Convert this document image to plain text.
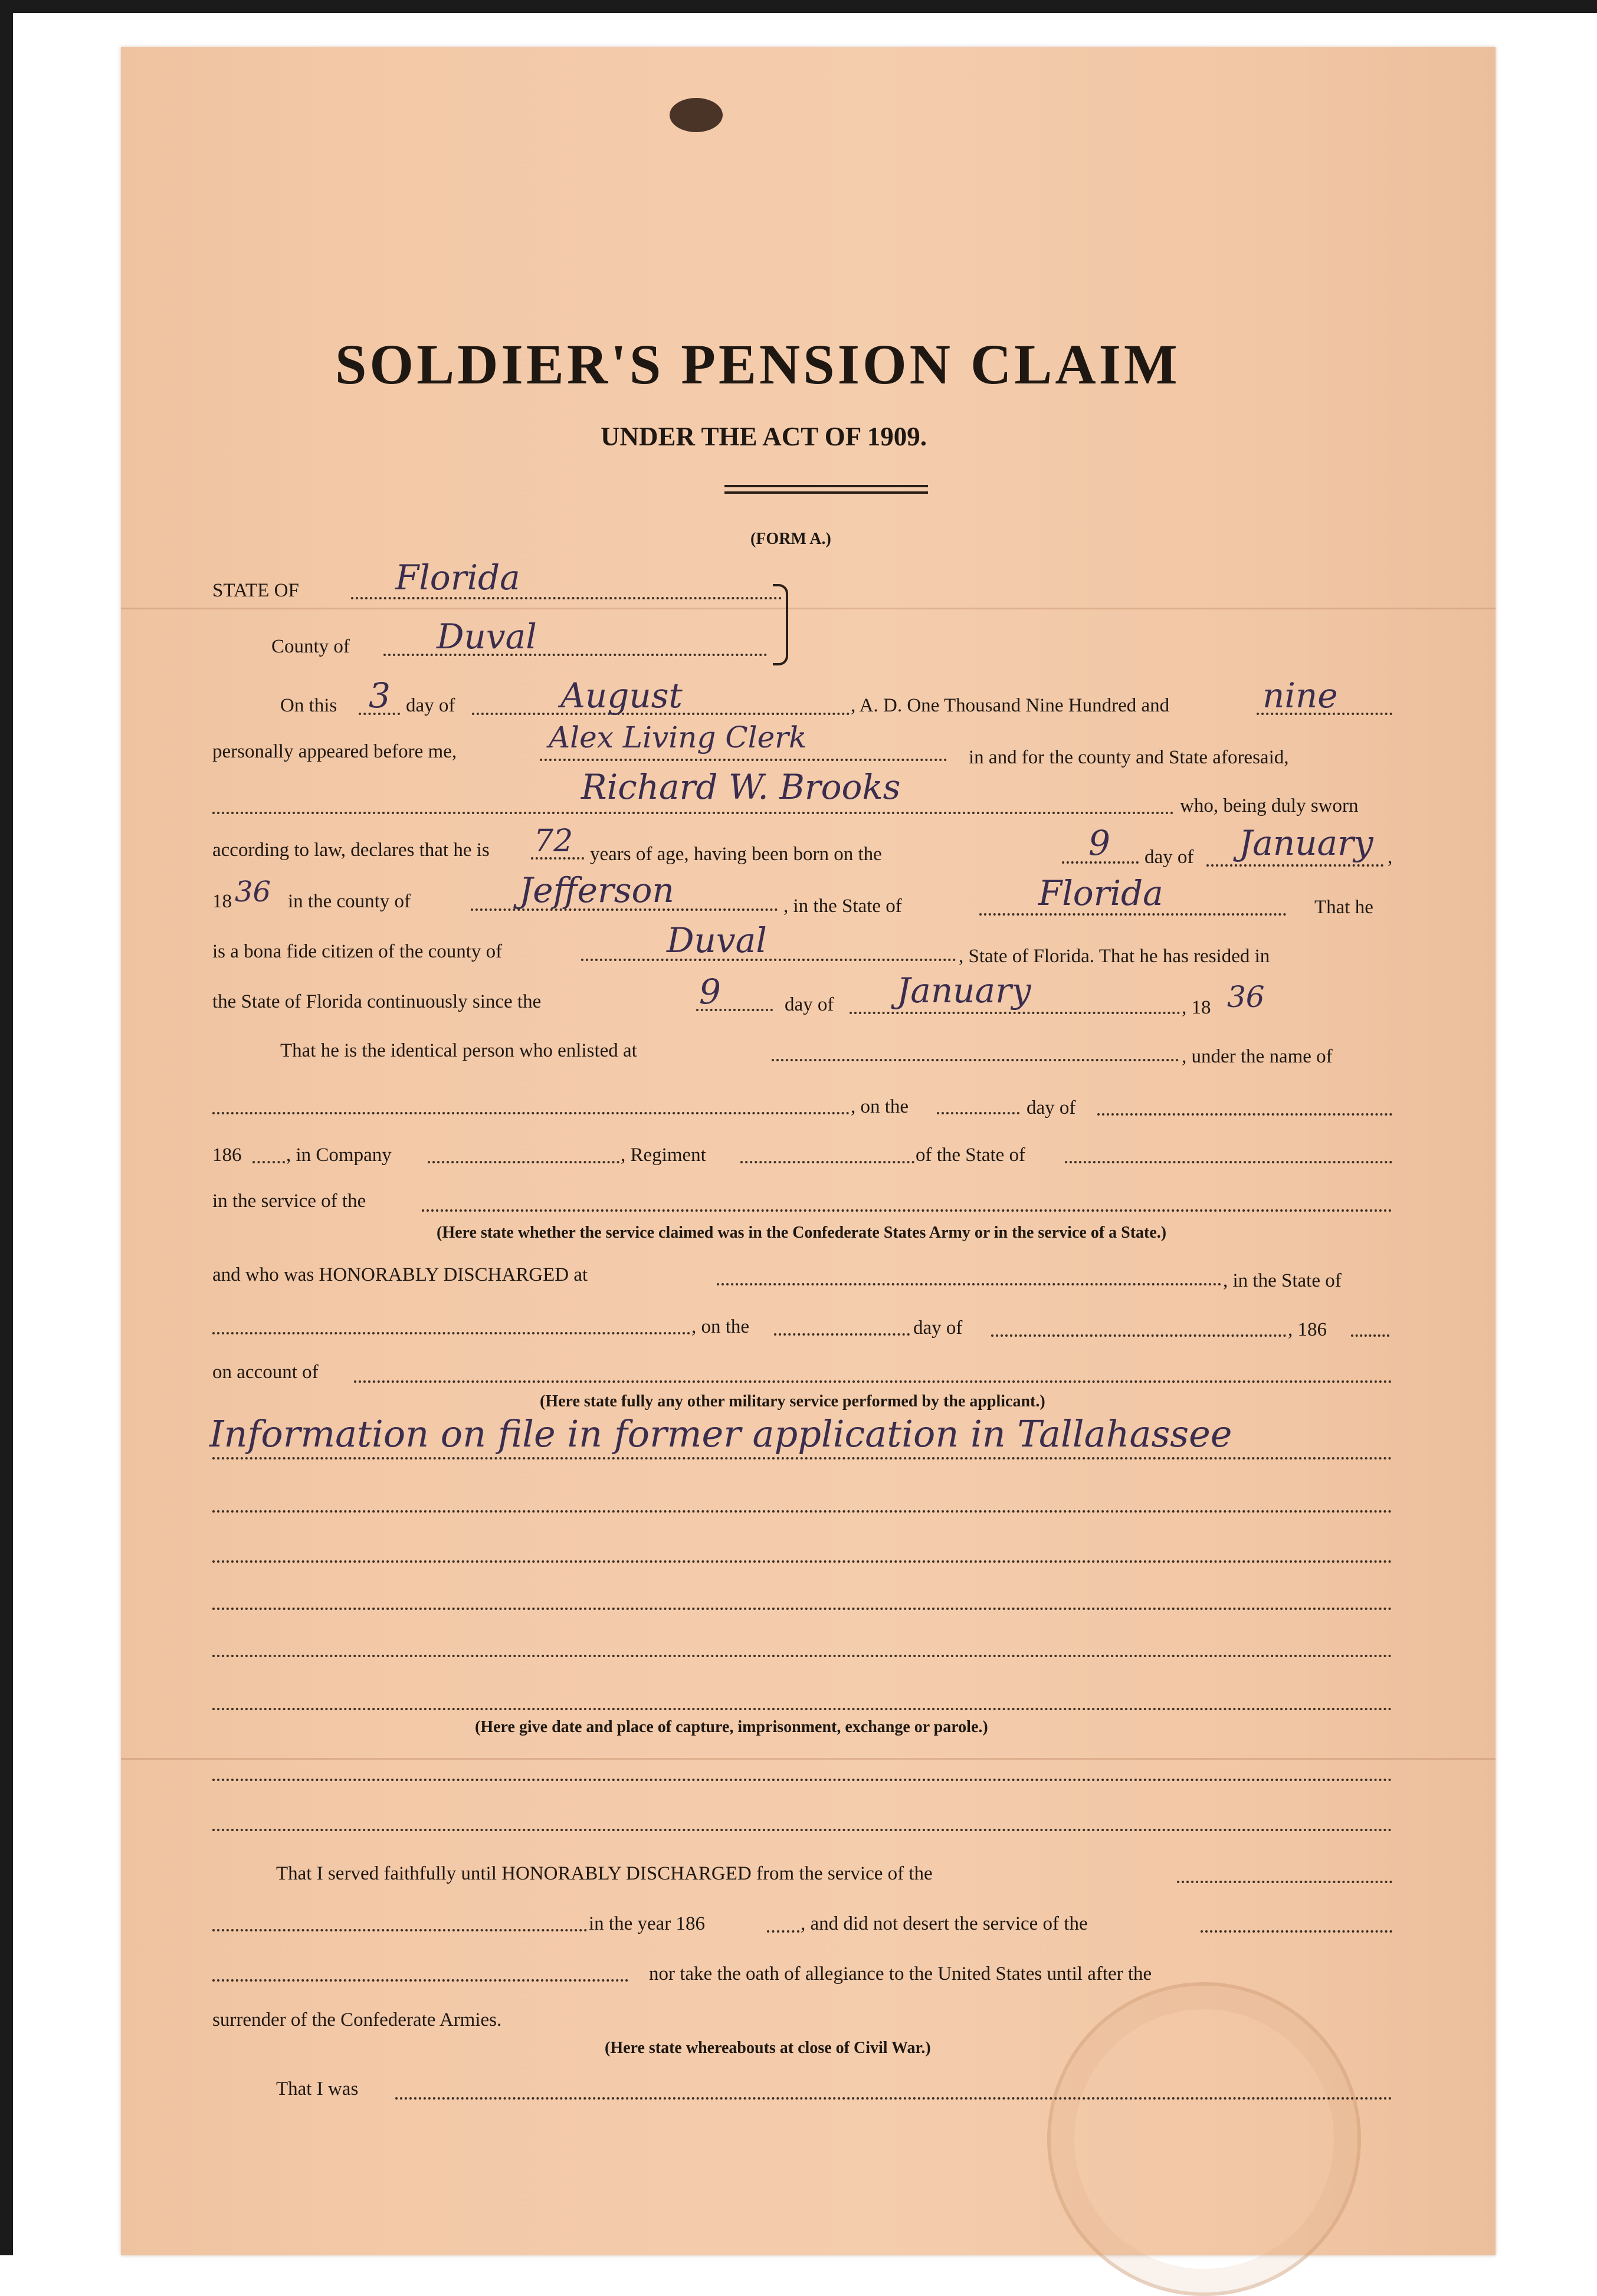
SOLDIER'S PENSION CLAIM
UNDER THE ACT OF 1909.
(FORM A.)
STATE OF	Florida
County of	Duval
On this 3 day of	August	, A. D. One Thousand Nine Hundred and	nine
personally appeared before me,	Alex Living Clerk
in and for the county and State aforesaid,
Richard W. Brooks	who, being duly sworn
according to law, declares that he is 72 years of age, having been born on the	9 day of January ,
18 36 in the county of	Jefferson	, in the State of	Florida	That he
is a bona fide citizen of the county of	Duval	, State of Florida. That he has resided in
the State of Florida continuously since the	9	day of January	, 18 36
That he is the identical person who enlisted at	, under the name of
, on the	day of
186 , in Company	, Regiment	of the State of
in the service of the
(Here state whether the service claimed was in the Confederate States Army or in the service of a State.)
and who was HONORABLY DISCHARGED at	, in the State of
, on the	day of	, 186
on account of
(Here state fully any other military service performed by the applicant.)
Information on file in former application in Tallahassee
(Here give date and place of capture, imprisonment, exchange or parole.)
That I served faithfully until HONORABLY DISCHARGED from the service of the
in the year 186	, and did not desert the service of the
nor take the oath of allegiance to the United States until after the
surrender of the Confederate Armies.
(Here state whereabouts at close of Civil War.)
That I was
